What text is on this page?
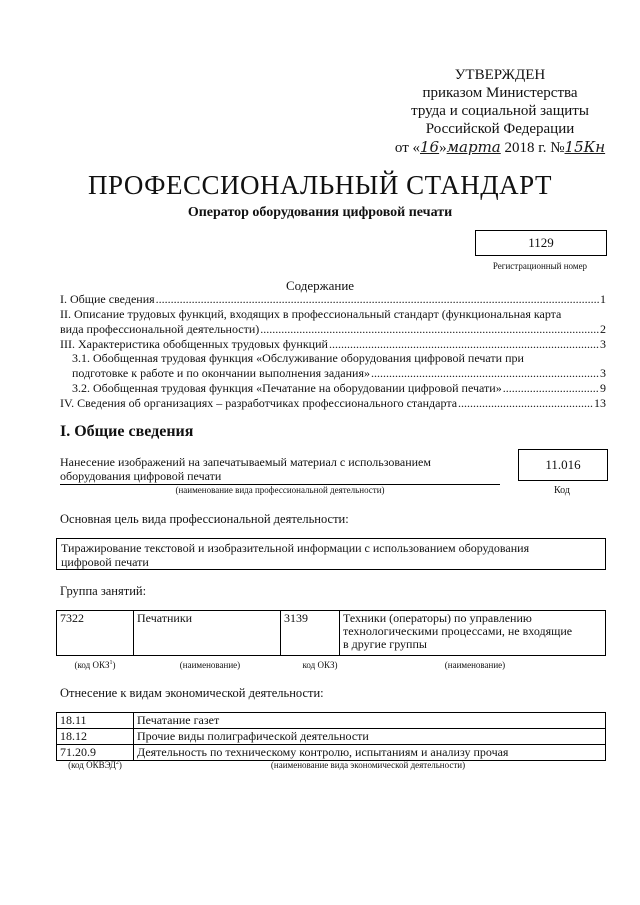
УТВЕРЖДЕН
приказом Министерства
труда и социальной защиты
Российской Федерации
от «16»марта 2018 г. №15Кн
ПРОФЕССИОНАЛЬНЫЙ СТАНДАРТ
Оператор оборудования цифровой печати
1129
Регистрационный номер
Содержание
I. Общие сведения .....	1
II. Описание трудовых функций, входящих в профессиональный стандарт (функциональная карта
вида профессиональной деятельности) .....	2
III. Характеристика обобщенных трудовых функций .....	3
3.1. Обобщенная трудовая функция «Обслуживание оборудования цифровой печати при
подготовке к работе и по окончании выполнения задания» .....	3
3.2. Обобщенная трудовая функция «Печатание на оборудовании цифровой печати» .....	9
IV. Сведения об организациях – разработчиках профессионального стандарта .....	13
I. Общие сведения
Нанесение изображений на запечатываемый материал с использованием
оборудования цифровой печати
11.016
(наименование вида профессиональной деятельности)	Код
Основная цель вида профессиональной деятельности:
Тиражирование текстовой и изобразительной информации с использованием оборудования
цифровой печати
Группа занятий:
7322	Печатники	3139	Техники (операторы) по управлению
технологическими процессами, не входящие
в другие группы
(код ОКЗ$^1$)	(наименование)	код ОКЗ)	(наименование)
Отнесение к видам экономической деятельности:
18.11	Печатание газет
18.12	Прочие виды полиграфической деятельности
71.20.9	Деятельность по техническому контролю, испытаниям и анализу прочая
(код ОКВЭД$^2$)	(наименование вида экономической деятельности)
